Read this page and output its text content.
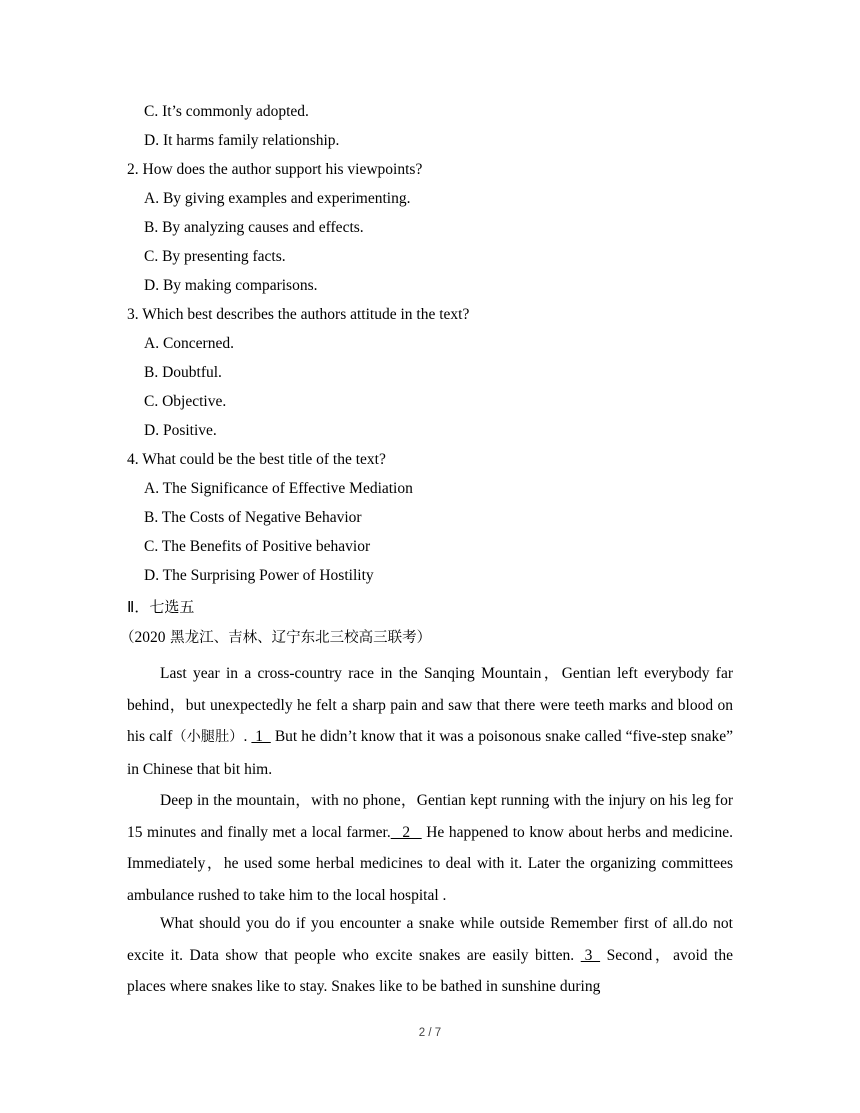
C. It’s commonly adopted.
D. It harms family relationship.
2. How does the author support his viewpoints?
A. By giving examples and experimenting.
B. By analyzing causes and effects.
C. By presenting facts.
D. By making comparisons.
3. Which best describes the authors attitude in the text?
A. Concerned.
B. Doubtful.
C. Objective.
D. Positive.
4. What could be the best title of the text?
A. The Significance of Effective Mediation
B. The Costs of Negative Behavior
C. The Benefits of Positive behavior
D. The Surprising Power of Hostility
Ⅱ．七选五
（2020 黑龙江、吉林、辽宁东北三校高三联考）
Last year in a cross-country race in the Sanqing Mountain，Gentian left everybody far behind，but unexpectedly he felt a sharp pain and saw that there were teeth marks and blood on his calf（小腿肚）.  1   But he didn’t know that it was a poisonous snake called “five-step snake” in Chinese that bit him.
Deep in the mountain，with no phone，Gentian kept running with the injury on his leg for 15 minutes and finally met a local farmer.   2    He happened to know about herbs and medicine. Immediately，he used some herbal medicines to deal with it. Later the organizing committees ambulance rushed to take him to the local hospital .
What should you do if you encounter a snake while outside Remember first of all.do not excite it. Data show that people who excite snakes are easily bitten.  3   Second，avoid the places where snakes like to stay. Snakes like to be bathed in sunshine during
2 / 7
